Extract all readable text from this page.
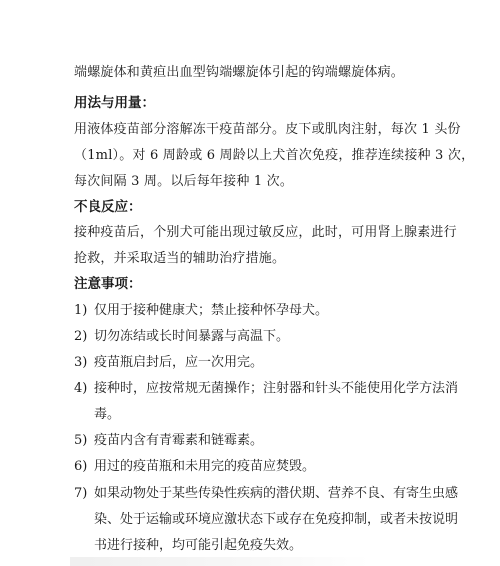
端螺旋体和黄疸出血型钩端螺旋体引起的钩端螺旋体病。
用法与用量：
用液体疫苗部分溶解冻干疫苗部分。皮下或肌肉注射，每次 1 头份
（1ml）。对 6 周龄或 6 周龄以上犬首次免疫，推荐连续接种 3 次，
每次间隔 3 周。以后每年接种 1 次。
不良反应：
接种疫苗后，个别犬可能出现过敏反应，此时，可用肾上腺素进行
抢救，并采取适当的辅助治疗措施。
注意事项：
1) 仅用于接种健康犬；禁止接种怀孕母犬。
2) 切勿冻结或长时间暴露与高温下。
3) 疫苗瓶启封后，应一次用完。
4) 接种时，应按常规无菌操作；注射器和针头不能使用化学方法消
毒。
5) 疫苗内含有青霉素和链霉素。
6) 用过的疫苗瓶和未用完的疫苗应焚毁。
7) 如果动物处于某些传染性疾病的潜伏期、营养不良、有寄生虫感
染、处于运输或环境应激状态下或存在免疫抑制，或者未按说明
书进行接种，均可能引起免疫失效。
